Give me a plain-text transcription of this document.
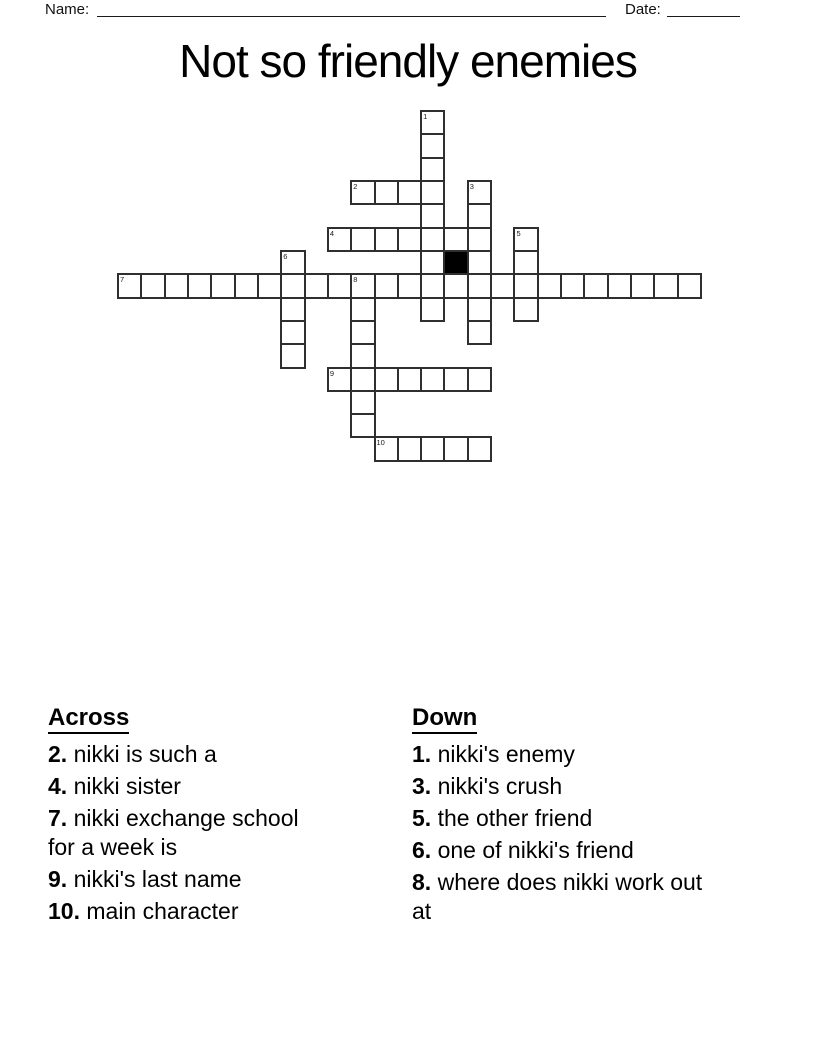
Name:	Date:
Not so friendly enemies
1
2	3
4	5
6
7	8
9
10
Across

2. nikki is such a

4. nikki sister

7. nikki exchange school for a week is

9. nikki's last name

10. main character

Down

1. nikki's enemy

3. nikki's crush

5. the other friend

6. one of nikki's friend

8. where does nikki work out at
